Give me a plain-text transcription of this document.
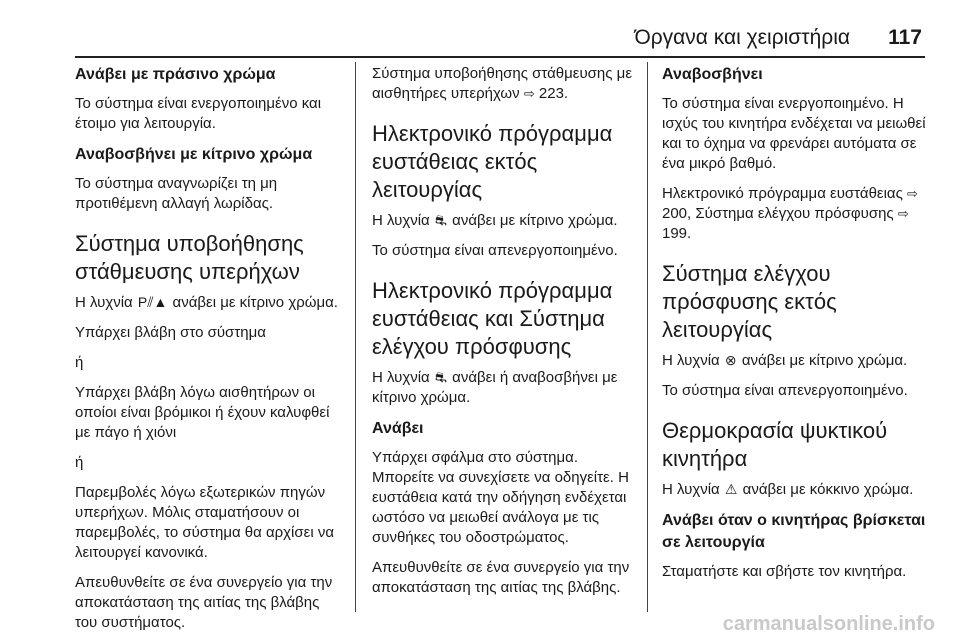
Όργανα και χειριστήρια 117
Ανάβει με πράσινο χρώμα

Το σύστημα είναι ενεργοποιημένο και έτοιμο για λειτουργία.

Αναβοσβήνει με κίτρινο χρώμα

Το σύστημα αναγνωρίζει τη μη προτιθέμενη αλλαγή λωρίδας.

Σύστημα υποβοήθησης στάθμευσης υπερήχων

Η λυχνία P⫽▲ ανάβει με κίτρινο χρώμα.

Υπάρχει βλάβη στο σύστημα

ή

Υπάρχει βλάβη λόγω αισθητήρων οι οποίοι είναι βρόμικοι ή έχουν καλυφθεί με πάγο ή χιόνι

ή

Παρεμβολές λόγω εξωτερικών πηγών υπερήχων. Μόλις σταματήσουν οι παρεμβολές, το σύστημα θα αρχίσει να λειτουργεί κανονικά.

Απευθυνθείτε σε ένα συνεργείο για την αποκατάσταση της αιτίας της βλάβης του συστήματος.

Σύστημα υποβοήθησης στάθμευσης με αισθητήρες υπερήχων ⇨ 223.

Ηλεκτρονικό πρόγραμμα ευστάθειας εκτός λειτουργίας

Η λυχνία ⛐ ανάβει με κίτρινο χρώμα.

Το σύστημα είναι απενεργοποιημένο.

Ηλεκτρονικό πρόγραμμα ευστάθειας και Σύστημα ελέγχου πρόσφυσης

Η λυχνία ⛐ ανάβει ή αναβοσβήνει με κίτρινο χρώμα.

Ανάβει

Υπάρχει σφάλμα στο σύστημα. Μπορείτε να συνεχίσετε να οδηγείτε. Η ευστάθεια κατά την οδήγηση ενδέχεται ωστόσο να μειωθεί ανάλογα με τις συνθήκες του οδοστρώματος.

Απευθυνθείτε σε ένα συνεργείο για την αποκατάσταση της αιτίας της βλάβης.

Αναβοσβήνει

Το σύστημα είναι ενεργοποιημένο. Η ισχύς του κινητήρα ενδέχεται να μειωθεί και το όχημα να φρενάρει αυτόματα σε ένα μικρό βαθμό.

Ηλεκτρονικό πρόγραμμα ευστάθειας ⇨ 200, Σύστημα ελέγχου πρόσφυσης ⇨ 199.

Σύστημα ελέγχου πρόσφυσης εκτός λειτουργίας

Η λυχνία ⊗ ανάβει με κίτρινο χρώμα.

Το σύστημα είναι απενεργοποιημένο.

Θερμοκρασία ψυκτικού κινητήρα

Η λυχνία ⚠ ανάβει με κόκκινο χρώμα.

Ανάβει όταν ο κινητήρας βρίσκεται σε λειτουργία

Σταματήστε και σβήστε τον κινητήρα.

carmanualsonline.info
